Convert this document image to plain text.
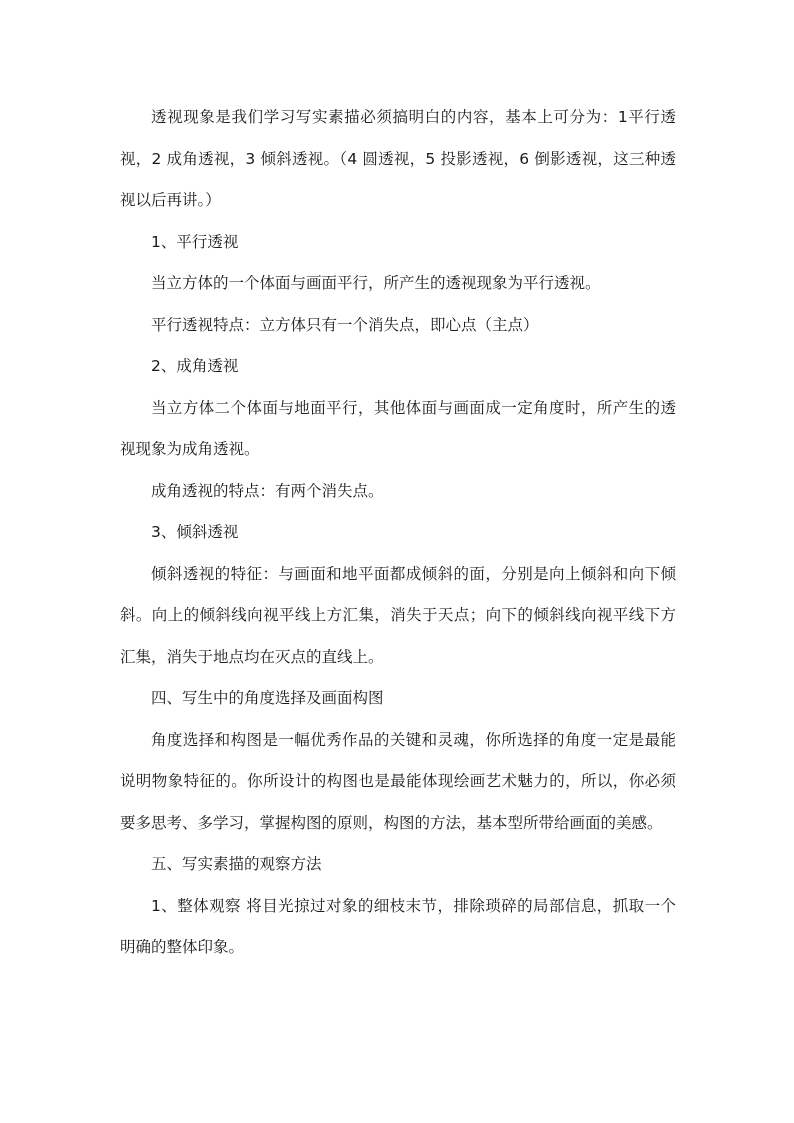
透视现象是我们学习写实素描必须搞明白的内容，基本上可分为：1平行透视，2 成角透视，3 倾斜透视。（4 圆透视，5 投影透视，6 倒影透视，这三种透视以后再讲。）

1、平行透视

当立方体的一个体面与画面平行，所产生的透视现象为平行透视。

平行透视特点：立方体只有一个消失点，即心点（主点）

2、成角透视

当立方体二个体面与地面平行，其他体面与画面成一定角度时，所产生的透视现象为成角透视。

成角透视的特点：有两个消失点。

3、倾斜透视

倾斜透视的特征：与画面和地平面都成倾斜的面，分别是向上倾斜和向下倾斜。向上的倾斜线向视平线上方汇集，消失于天点；向下的倾斜线向视平线下方汇集，消失于地点均在灭点的直线上。

四、写生中的角度选择及画面构图

角度选择和构图是一幅优秀作品的关键和灵魂，你所选择的角度一定是最能说明物象特征的。你所设计的构图也是最能体现绘画艺术魅力的，所以，你必须要多思考、多学习，掌握构图的原则，构图的方法，基本型所带给画面的美感。

五、写实素描的观察方法

1、整体观察 将目光掠过对象的细枝末节，排除琐碎的局部信息，抓取一个明确的整体印象。
